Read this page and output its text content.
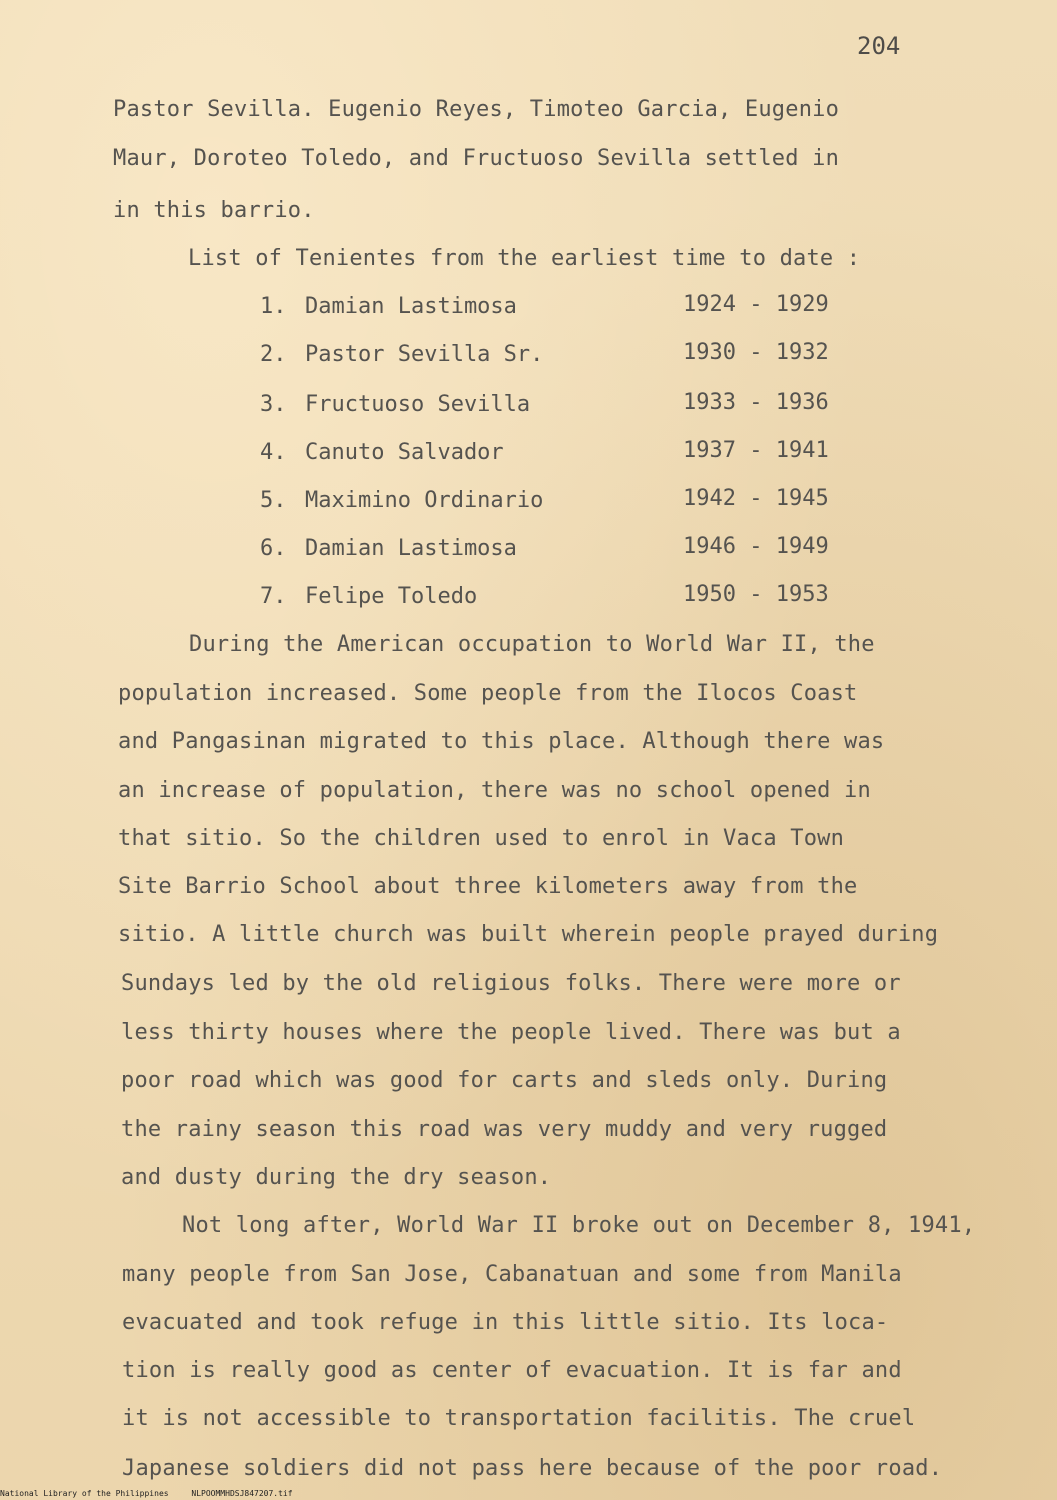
204
Pastor Sevilla. Eugenio Reyes, Timoteo Garcia, Eugenio
Maur, Doroteo Toledo, and Fructuoso Sevilla settled in
in this barrio.
List of Tenientes from the earliest time to date :
1. Damian Lastimosa	1924 - 1929
2. Pastor Sevilla Sr.	1930 - 1932
3. Fructuoso Sevilla	1933 - 1936
4. Canuto Salvador	1937 - 1941
5. Maximino Ordinario	1942 - 1945
6. Damian Lastimosa	1946 - 1949
7. Felipe Toledo	1950 - 1953
During the American occupation to World War II, the
population increased. Some people from the Ilocos Coast
and Pangasinan migrated to this place. Although there was
an increase of population, there was no school opened in
that sitio. So the children used to enrol in Vaca Town
Site Barrio School about three kilometers away from the
sitio. A little church was built wherein people prayed during
Sundays led by the old religious folks. There were more or
less thirty houses where the people lived. There was but a
poor road which was good for carts and sleds only. During
the rainy season this road was very muddy and very rugged
and dusty during the dry season.
Not long after, World War II broke out on December 8, 1941,
many people from San Jose, Cabanatuan and some from Manila
evacuated and took refuge in this little sitio. Its loca-
tion is really good as center of evacuation. It is far and
it is not accessible to transportation facilitis. The cruel
Japanese soldiers did not pass here because of the poor road.
National Library of the Philippines	NLPOOMMHDSJ847207.tif
